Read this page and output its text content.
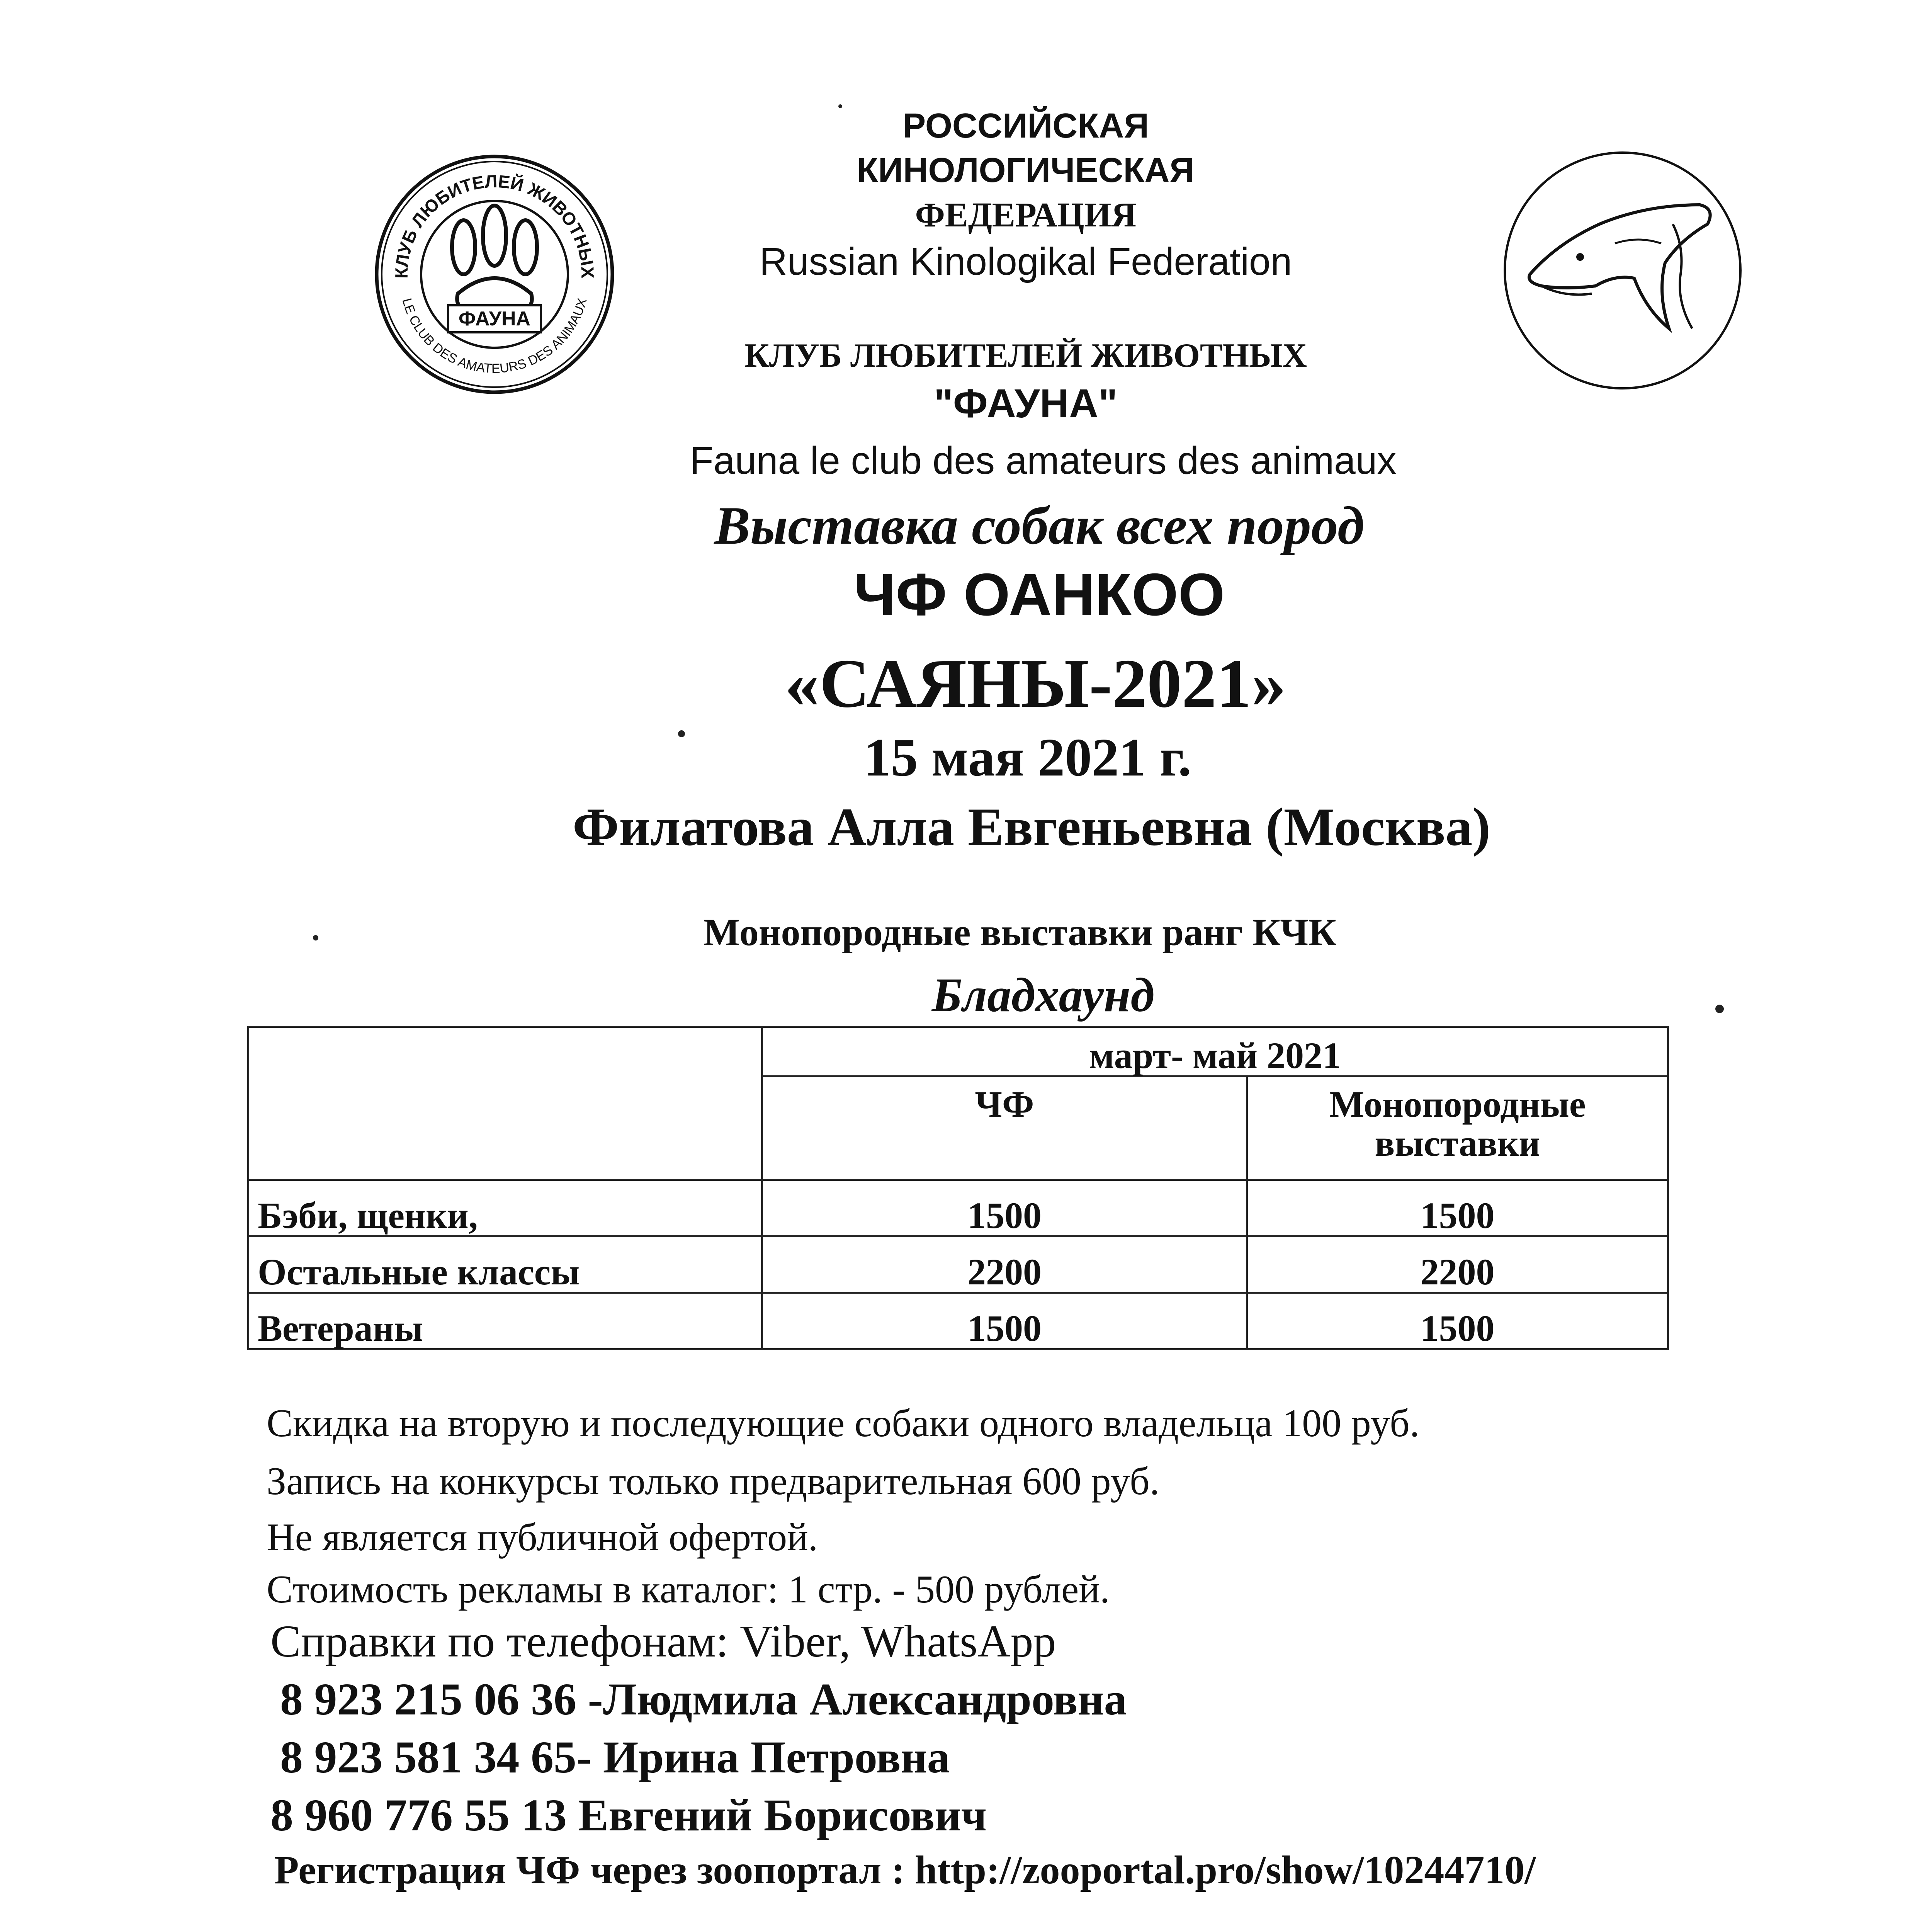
КЛУБ ЛЮБИТЕЛЕЙ ЖИВОТНЫХ
LE CLUB DES AMATEURS DES ANIMAUX
ФАУНА
РОССИЙСКАЯ
КИНОЛОГИЧЕСКАЯ
ФЕДЕРАЦИЯ
Russian Kinologikal Federation
КЛУБ ЛЮБИТЕЛЕЙ ЖИВОТНЫХ
"ФАУНА"
Fauna le club des amateurs des animaux
Выставка собак всех пород
ЧФ ОАНКОО
«САЯНЫ-2021»
15 мая 2021 г.
Филатова Алла Евгеньевна (Москва)
Монопородные выставки ранг КЧК
Бладхаунд
	март- май 2021	
	ЧФ	Монопородные
выставки

Бэби, щенки,	1500	1500
Остальные классы	2200	2200
Ветераны	1500	1500
Скидка на вторую и последующие собаки одного владельца 100 руб.
Запись на конкурсы только предварительная 600 руб.
Не является публичной офертой.
Стоимость рекламы в каталог: 1 стр. - 500 рублей.
Справки по телефонам: Viber, WhatsApp
8 923 215 06 36 -Людмила Александровна
8 923 581 34 65- Ирина Петровна
8 960 776 55 13 Евгений Борисович
Регистрация ЧФ через зоопортал : http://zooportal.pro/show/10244710/
